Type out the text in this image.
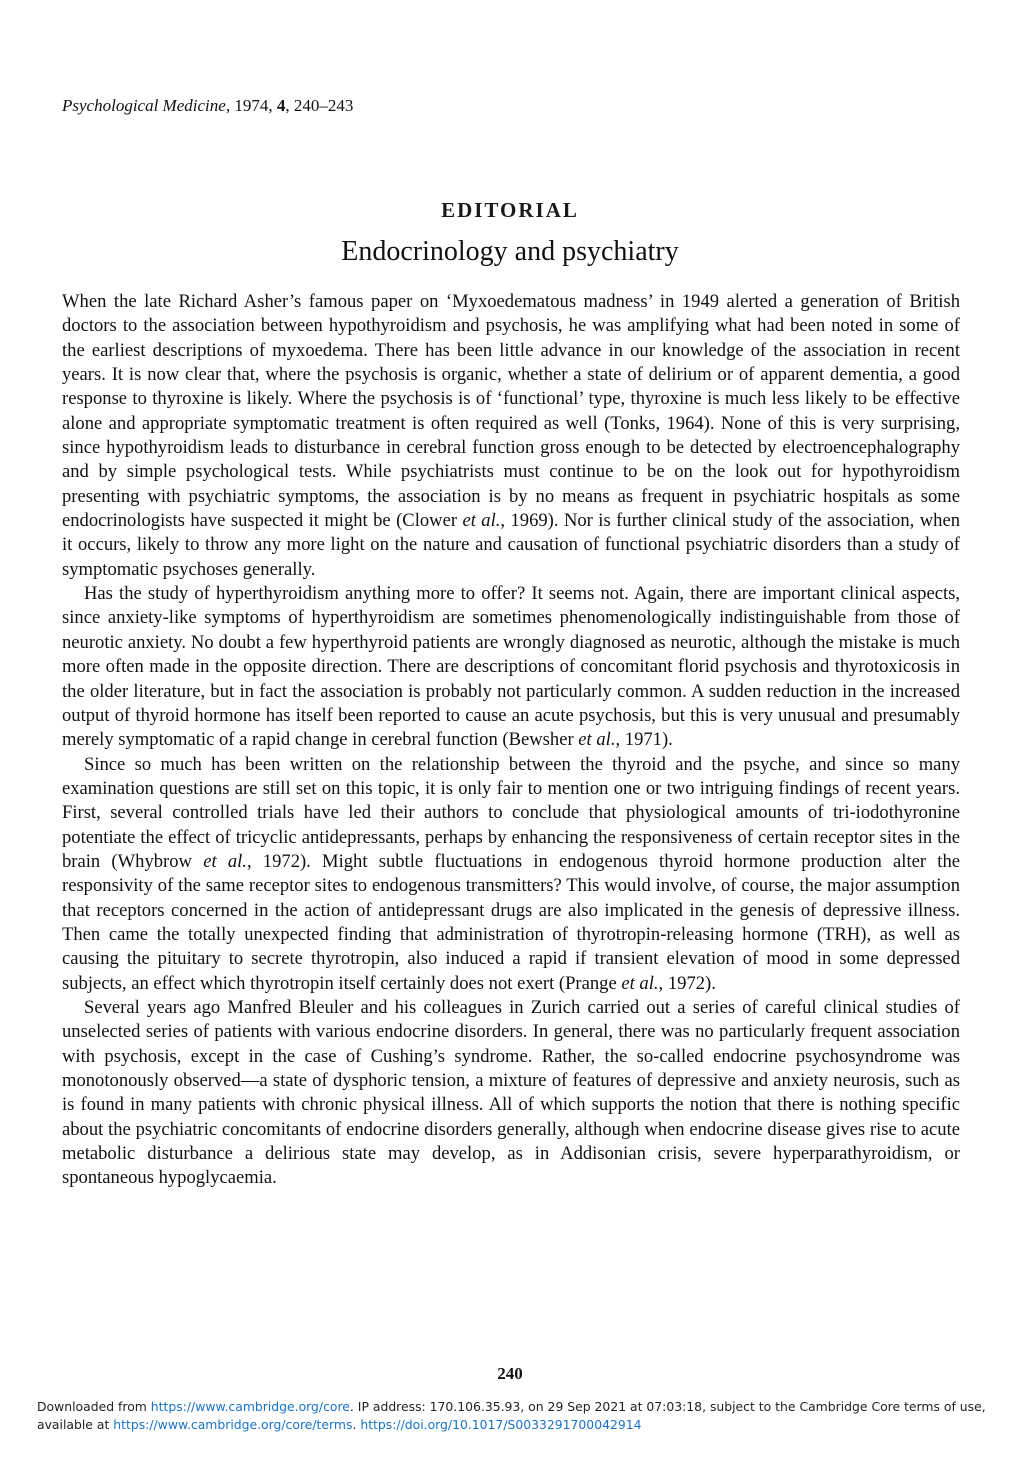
Psychological Medicine, 1974, 4, 240–243
EDITORIAL
Endocrinology and psychiatry

When the late Richard Asher’s famous paper on ‘Myxoedematous madness’ in 1949 alerted a generation of British doctors to the association between hypothyroidism and psychosis, he was amplifying what had been noted in some of the earliest descriptions of myxoedema. There has been little advance in our knowledge of the association in recent years. It is now clear that, where the psychosis is organic, whether a state of delirium or of apparent dementia, a good response to thyroxine is likely. Where the psychosis is of ‘functional’ type, thyroxine is much less likely to be effective alone and appropriate symptomatic treatment is often required as well (Tonks, 1964). None of this is very surprising, since hypothyroidism leads to disturbance in cerebral function gross enough to be detected by electroencephalography and by simple psychological tests. While psychiatrists must continue to be on the look out for hypothyroidism presenting with psychiatric symptoms, the association is by no means as frequent in psychiatric hospitals as some endocrinologists have suspected it might be (Clower et al., 1969). Nor is further clinical study of the association, when it occurs, likely to throw any more light on the nature and causation of functional psychiatric disorders than a study of symptomatic psychoses generally.

Has the study of hyperthyroidism anything more to offer? It seems not. Again, there are important clinical aspects, since anxiety-like symptoms of hyperthyroidism are sometimes phenomenologically indistinguishable from those of neurotic anxiety. No doubt a few hyperthyroid patients are wrongly diagnosed as neurotic, although the mistake is much more often made in the opposite direction. There are descriptions of concomitant florid psychosis and thyrotoxicosis in the older literature, but in fact the association is probably not particularly common. A sudden reduction in the increased output of thyroid hormone has itself been reported to cause an acute psychosis, but this is very unusual and presumably merely symptomatic of a rapid change in cerebral function (Bewsher et al., 1971).

Since so much has been written on the relationship between the thyroid and the psyche, and since so many examination questions are still set on this topic, it is only fair to mention one or two intriguing findings of recent years. First, several controlled trials have led their authors to conclude that physiological amounts of tri-iodothyronine potentiate the effect of tricyclic antidepressants, perhaps by enhancing the responsiveness of certain receptor sites in the brain (Whybrow et al., 1972). Might subtle fluctuations in endogenous thyroid hormone production alter the responsivity of the same receptor sites to endogenous transmitters? This would involve, of course, the major assumption that receptors concerned in the action of antidepressant drugs are also implicated in the genesis of depressive illness. Then came the totally unexpected finding that administration of thyrotropin-releasing hormone (TRH), as well as causing the pituitary to secrete thyrotropin, also induced a rapid if transient elevation of mood in some depressed subjects, an effect which thyrotropin itself certainly does not exert (Prange et al., 1972).

Several years ago Manfred Bleuler and his colleagues in Zurich carried out a series of careful clinical studies of unselected series of patients with various endocrine disorders. In general, there was no particularly frequent association with psychosis, except in the case of Cushing’s syndrome. Rather, the so-called endocrine psychosyndrome was monotonously observed—a state of dysphoric tension, a mixture of features of depressive and anxiety neurosis, such as is found in many patients with chronic physical illness. All of which supports the notion that there is nothing specific about the psychiatric concomitants of endocrine disorders generally, although when endocrine disease gives rise to acute metabolic disturbance a delirious state may develop, as in Addisonian crisis, severe hyperparathyroidism, or spontaneous hypoglycaemia.

240
Downloaded from https://www.cambridge.org/core. IP address: 170.106.35.93, on 29 Sep 2021 at 07:03:18, subject to the Cambridge Core terms of use, available at https://www.cambridge.org/core/terms. https://doi.org/10.1017/S0033291700042914
